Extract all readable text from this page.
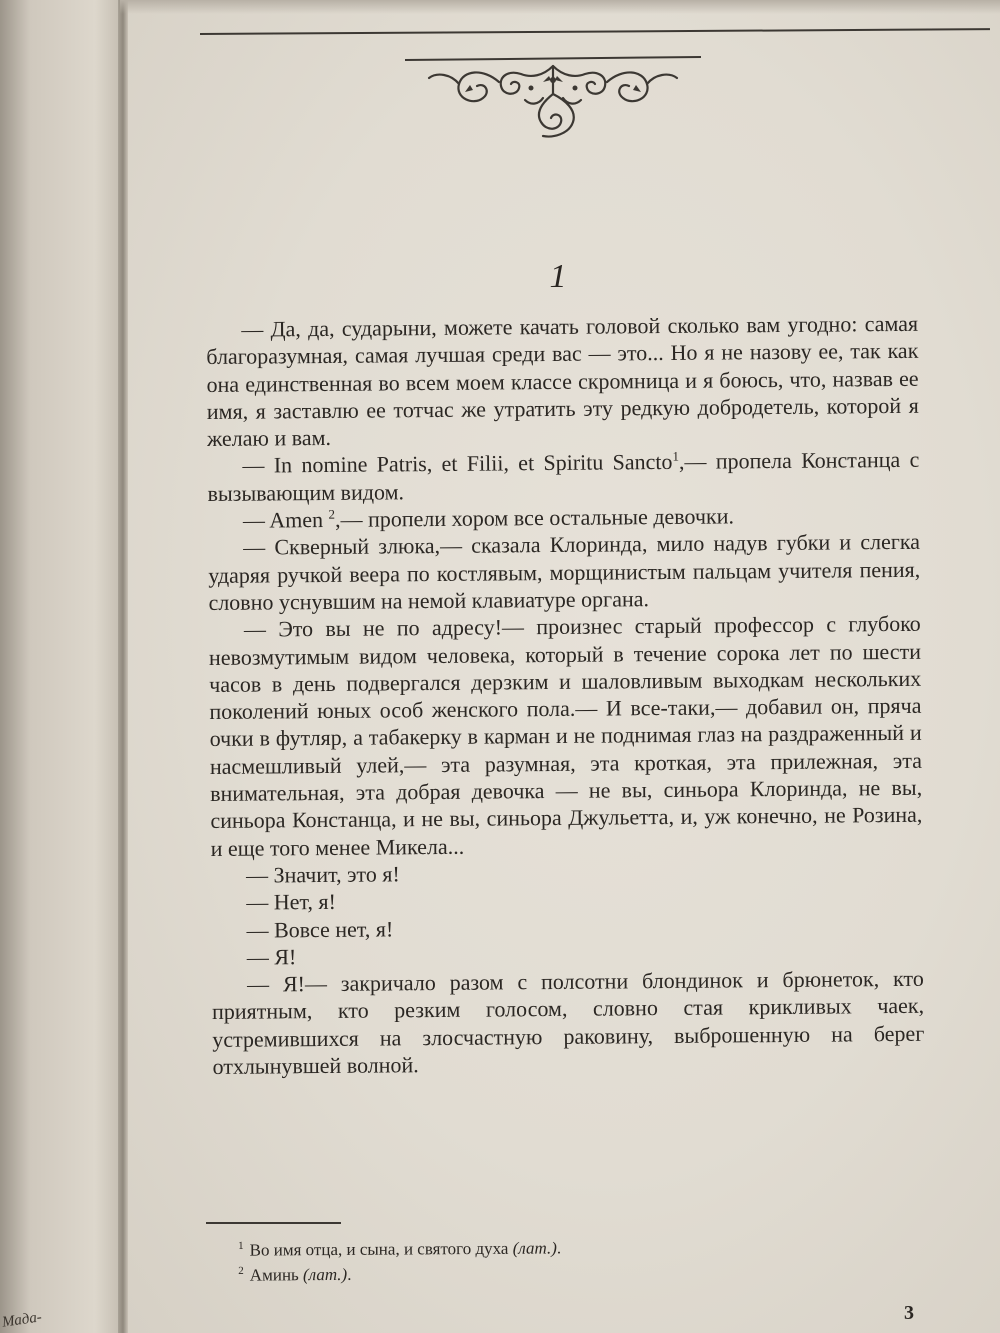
Мада-
1

— Да, да, сударыни, можете качать головой сколько вам угодно: самая благоразумная, самая лучшая среди вас — это... Но я не назову ее, так как она единственная во всем моем классе скромница и я боюсь, что, назвав ее имя, я заставлю ее тотчас же утратить эту редкую добродетель, которой я желаю и вам.

— In nomine Patris, et Filii, et Spiritu Sancto$^1$,— пропела Констанца с вызывающим видом.

— Amen $^2$,— пропели хором все остальные девочки.

— Скверный злюка,— сказала Клоринда, мило надув губки и слегка ударяя ручкой веера по костлявым, морщинистым пальцам учителя пения, словно уснувшим на немой клавиатуре органа.

— Это вы не по адресу!— произнес старый профессор с глубоко невозмутимым видом человека, который в течение сорока лет по шести часов в день подвергался дерзким и шаловливым выходкам нескольких поколений юных особ женского пола.— И все-таки,— добавил он, пряча очки в футляр, а табакерку в карман и не поднимая глаз на раздраженный и насмешливый улей,— эта разумная, эта кроткая, эта прилежная, эта внимательная, эта добрая девочка — не вы, синьора Клоринда, не вы, синьора Констанца, и не вы, синьора Джульетта, и, уж конечно, не Розина, и еще того менее Микела...

— Значит, это я!

— Нет, я!

— Вовсе нет, я!

— Я!

— Я!— закричало разом с полсотни блондинок и брюнеток, кто приятным, кто резким голосом, словно стая крикливых чаек, устремившихся на злосчастную раковину, выброшенную на берег отхлынувшей волной.

$^1$ Во имя отца, и сына, и святого духа (лат.).
$^2$ Аминь (лат.).
3
